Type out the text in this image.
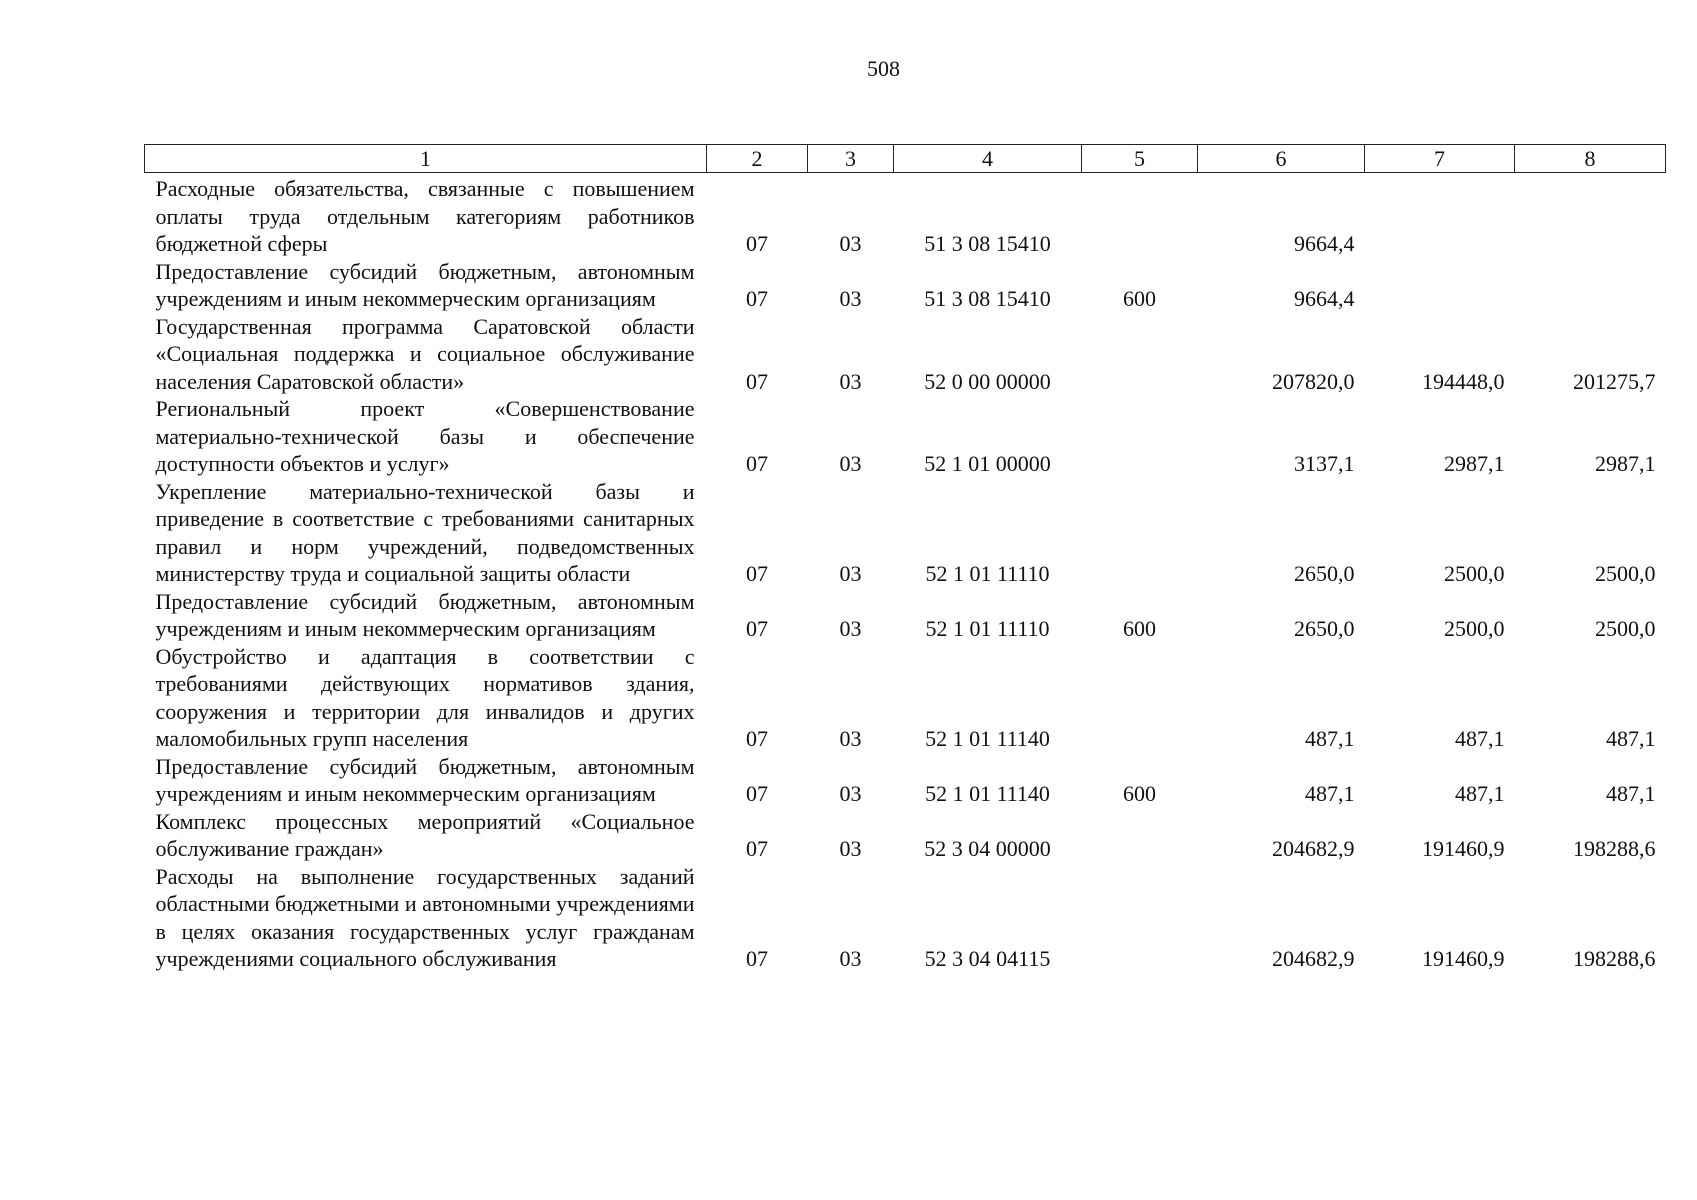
508
1	2	3	4	5	6	7	8
Расходные обязательства, связанные с повышением оплаты труда отдельным категориям работников бюджетной сферы	07	03	51 3 08 15410		9664,4		
Предоставление субсидий бюджетным, автономным учреждениям и иным некоммерческим организациям	07	03	51 3 08 15410	600	9664,4		
Государственная программа Саратовской области «Социальная поддержка и социальное обслуживание населения Саратовской области»	07	03	52 0 00 00000		207820,0	194448,0	201275,7
Региональный проект «Совершенствование материально-технической базы и обеспечение доступности объектов и услуг»	07	03	52 1 01 00000		3137,1	2987,1	2987,1
Укрепление материально-технической базы и приведение в соответствие с требованиями санитарных правил и норм учреждений, подведомственных министерству труда и социальной защиты области	07	03	52 1 01 11110		2650,0	2500,0	2500,0
Предоставление субсидий бюджетным, автономным учреждениям и иным некоммерческим организациям	07	03	52 1 01 11110	600	2650,0	2500,0	2500,0
Обустройство и адаптация в соответствии с требованиями действующих нормативов здания, сооружения и территории для инвалидов и других маломобильных групп населения	07	03	52 1 01 11140		487,1	487,1	487,1
Предоставление субсидий бюджетным, автономным учреждениям и иным некоммерческим организациям	07	03	52 1 01 11140	600	487,1	487,1	487,1
Комплекс процессных мероприятий «Социальное обслуживание граждан»	07	03	52 3 04 00000		204682,9	191460,9	198288,6
Расходы на выполнение государственных заданий областными бюджетными и автономными учреждениями в целях оказания государственных услуг гражданам учреждениями социального обслуживания	07	03	52 3 04 04115		204682,9	191460,9	198288,6
